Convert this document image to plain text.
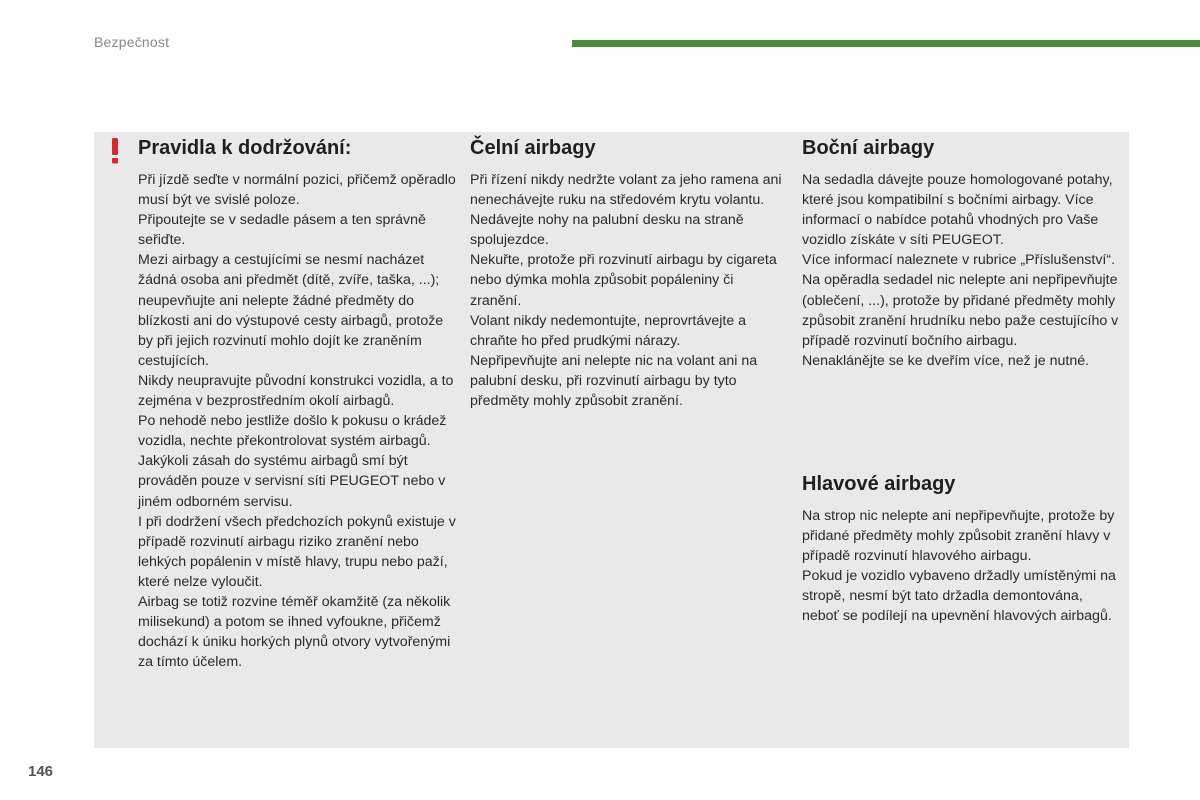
Bezpečnost
Pravidla k dodržování:

Při jízdě seďte v normální pozici, přičemž opěradlo musí být ve svislé poloze.

Připoutejte se v sedadle pásem a ten správně seřiďte.

Mezi airbagy a cestujícími se nesmí nacházet žádná osoba ani předmět (dítě, zvíře, taška, ...); neupevňujte ani nelepte žádné předměty do blízkosti ani do výstupové cesty airbagů, protože by při jejich rozvinutí mohlo dojít ke zraněním cestujících.

Nikdy neupravujte původní konstrukci vozidla, a to zejména v bezprostředním okolí airbagů.

Po nehodě nebo jestliže došlo k pokusu o krádež vozidla, nechte překontrolovat systém airbagů.

Jakýkoli zásah do systému airbagů smí být prováděn pouze v servisní síti PEUGEOT nebo v jiném odborném servisu.

I při dodržení všech předchozích pokynů existuje v případě rozvinutí airbagu riziko zranění nebo lehkých popálenin v místě hlavy, trupu nebo paží, které nelze vyloučit.

Airbag se totiž rozvine téměř okamžitě (za několik milisekund) a potom se ihned vyfoukne, přičemž dochází k úniku horkých plynů otvory vytvořenými za tímto účelem.

Čelní airbagy

Při řízení nikdy nedržte volant za jeho ramena ani nenechávejte ruku na středovém krytu volantu.

Nedávejte nohy na palubní desku na straně spolujezdce.

Nekuřte, protože při rozvinutí airbagu by cigareta nebo dýmka mohla způsobit popáleniny či zranění.

Volant nikdy nedemontujte, neprovrtávejte a chraňte ho před prudkými nárazy.

Nepřipevňujte ani nelepte nic na volant ani na palubní desku, při rozvinutí airbagu by tyto předměty mohly způsobit zranění.

Boční airbagy

Na sedadla dávejte pouze homologované potahy, které jsou kompatibilní s bočními airbagy. Více informací o nabídce potahů vhodných pro Vaše vozidlo získáte v síti PEUGEOT.

Více informací naleznete v rubrice „Příslušenství“.

Na opěradla sedadel nic nelepte ani nepřipevňujte (oblečení, ...), protože by přidané předměty mohly způsobit zranění hrudníku nebo paže cestujícího v případě rozvinutí bočního airbagu.

Nenaklánějte se ke dveřím více, než je nutné.

Hlavové airbagy

Na strop nic nelepte ani nepřipevňujte, protože by přidané předměty mohly způsobit zranění hlavy v případě rozvinutí hlavového airbagu.

Pokud je vozidlo vybaveno držadly umístěnými na stropě, nesmí být tato držadla demontována, neboť se podílejí na upevnění hlavových airbagů.

146
